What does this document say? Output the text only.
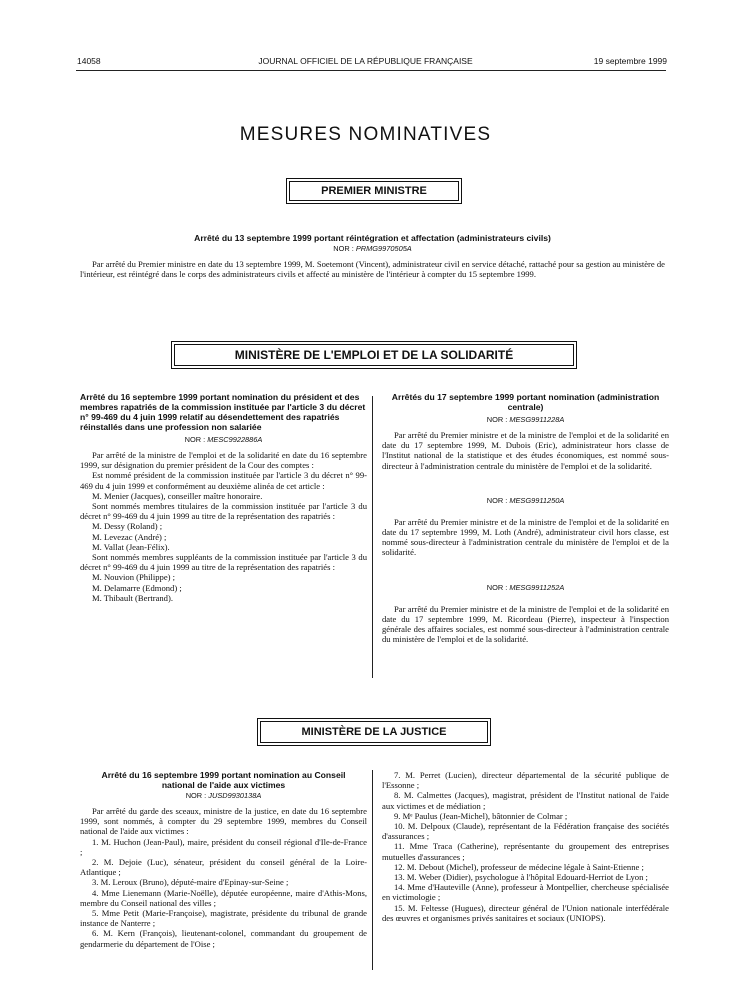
14058	JOURNAL OFFICIEL DE LA RÉPUBLIQUE FRANÇAISE	19 septembre 1999
MESURES NOMINATIVES
PREMIER MINISTRE
Arrêté du 13 septembre 1999 portant réintégration et affectation (administrateurs civils)
NOR : PRMG9970505A

Par arrêté du Premier ministre en date du 13 septembre 1999, M. Soetemont (Vincent), administrateur civil en service détaché, rattaché pour sa gestion au ministère de l'intérieur, est réintégré dans le corps des administrateurs civils et affecté au ministère de l'intérieur à compter du 15 septembre 1999.

MINISTÈRE DE L'EMPLOI ET DE LA SOLIDARITÉ
Arrêté du 16 septembre 1999 portant nomination du président et des membres rapatriés de la commission instituée par l'article 3 du décret n° 99-469 du 4 juin 1999 relatif au désendettement des rapatriés réinstallés dans une profession non salariée
NOR : MESC9922886A

Par arrêté de la ministre de l'emploi et de la solidarité en date du 16 septembre 1999, sur désignation du premier président de la Cour des comptes :

Est nommé président de la commission instituée par l'article 3 du décret n° 99-469 du 4 juin 1999 et conformément au deuxième alinéa de cet article :

M. Menier (Jacques), conseiller maître honoraire.

Sont nommés membres titulaires de la commission instituée par l'article 3 du décret n° 99-469 du 4 juin 1999 au titre de la représentation des rapatriés :

M. Dessy (Roland) ;

M. Levezac (André) ;

M. Vallat (Jean-Félix).

Sont nommés membres suppléants de la commission instituée par l'article 3 du décret n° 99-469 du 4 juin 1999 au titre de la représentation des rapatriés :

M. Nouvion (Philippe) ;

M. Delamarre (Edmond) ;

M. Thibault (Bertrand).

Arrêtés du 17 septembre 1999 portant nomination (administration centrale)
NOR : MESG9911228A

Par arrêté du Premier ministre et de la ministre de l'emploi et de la solidarité en date du 17 septembre 1999, M. Dubois (Eric), administrateur hors classe de l'Institut national de la statistique et des études économiques, est nommé sous-directeur à l'administration centrale du ministère de l'emploi et de la solidarité.

NOR : MESG9911250A

Par arrêté du Premier ministre et de la ministre de l'emploi et de la solidarité en date du 17 septembre 1999, M. Loth (André), administrateur civil hors classe, est nommé sous-directeur à l'administration centrale du ministère de l'emploi et de la solidarité.

NOR : MESG9911252A

Par arrêté du Premier ministre et de la ministre de l'emploi et de la solidarité en date du 17 septembre 1999, M. Ricordeau (Pierre), inspecteur à l'inspection générale des affaires sociales, est nommé sous-directeur à l'administration centrale du ministère de l'emploi et de la solidarité.

MINISTÈRE DE LA JUSTICE
Arrêté du 16 septembre 1999 portant nomination au Conseil national de l'aide aux victimes
NOR : JUSD9930138A

Par arrêté du garde des sceaux, ministre de la justice, en date du 16 septembre 1999, sont nommés, à compter du 29 septembre 1999, membres du Conseil national de l'aide aux victimes :

1. M. Huchon (Jean-Paul), maire, président du conseil régional d'Ile-de-France ;

2. M. Dejoie (Luc), sénateur, président du conseil général de la Loire-Atlantique ;

3. M. Leroux (Bruno), député-maire d'Epinay-sur-Seine ;

4. Mme Lienemann (Marie-Noëlle), députée européenne, maire d'Athis-Mons, membre du Conseil national des villes ;

5. Mme Petit (Marie-Françoise), magistrate, présidente du tribunal de grande instance de Nanterre ;

6. M. Kern (François), lieutenant-colonel, commandant du groupement de gendarmerie du département de l'Oise ;

7. M. Perret (Lucien), directeur départemental de la sécurité publique de l'Essonne ;

8. M. Calmettes (Jacques), magistrat, président de l'Institut national de l'aide aux victimes et de médiation ;

9. Mᵉ Paulus (Jean-Michel), bâtonnier de Colmar ;

10. M. Delpoux (Claude), représentant de la Fédération française des sociétés d'assurances ;

11. Mme Traca (Catherine), représentante du groupement des entreprises mutuelles d'assurances ;

12. M. Debout (Michel), professeur de médecine légale à Saint-Etienne ;

13. M. Weber (Didier), psychologue à l'hôpital Edouard-Herriot de Lyon ;

14. Mme d'Hauteville (Anne), professeur à Montpellier, chercheuse spécialisée en victimologie ;

15. M. Feltesse (Hugues), directeur général de l'Union nationale interfédérale des œuvres et organismes privés sanitaires et sociaux (UNIOPS).
